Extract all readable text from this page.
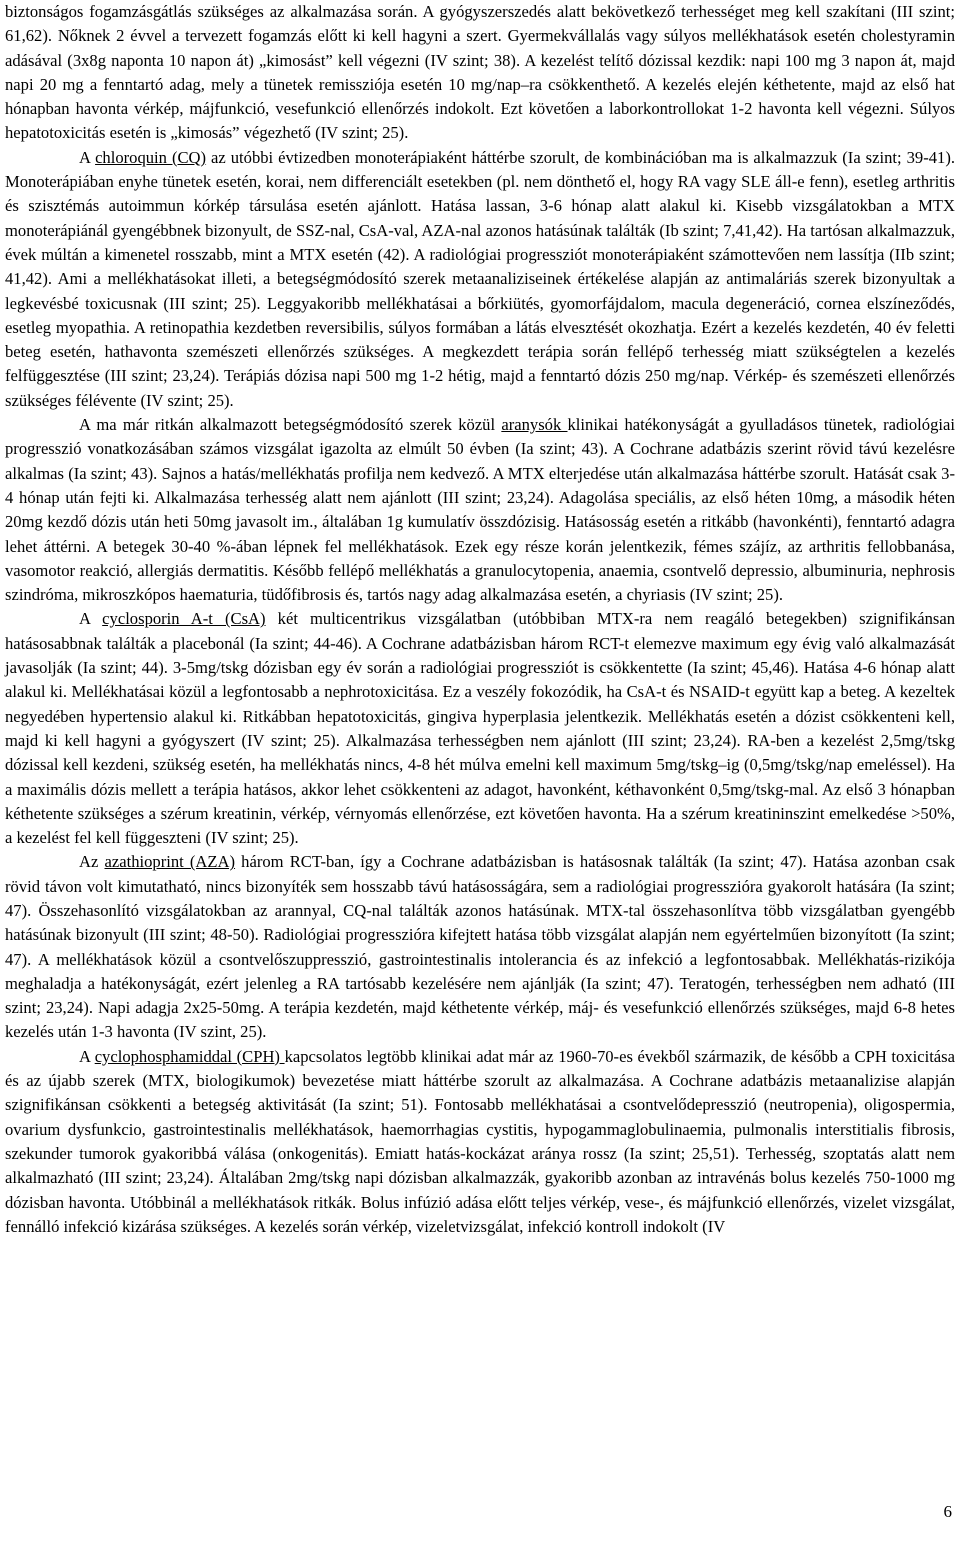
biztonságos fogamzásgátlás szükséges az alkalmazása során. A gyógyszerszedés alatt bekövetkező terhességet meg kell szakítani (III szint; 61,62). Nőknek 2 évvel a tervezett fogamzás előtt ki kell hagyni a szert. Gyermekvállalás vagy súlyos mellékhatások esetén cholestyramin adásával (3x8g naponta 10 napon át) „kimosást” kell végezni (IV szint; 38). A kezelést telítő dózissal kezdik: napi 100 mg 3 napon át, majd napi 20 mg a fenntartó adag, mely a tünetek remissziója esetén 10 mg/nap–ra csökkenthető. A kezelés elején kéthetente, majd az első hat hónapban havonta vérkép, májfunkció, vesefunkció ellenőrzés indokolt. Ezt követően a laborkontrollokat 1-2 havonta kell végezni. Súlyos hepatotoxicitás esetén is „kimosás” végezhető (IV szint; 25).

A chloroquin (CQ) az utóbbi évtizedben monoterápiaként háttérbe szorult, de kombinációban ma is alkalmazzuk (Ia szint; 39-41). Monoterápiában enyhe tünetek esetén, korai, nem differenciált esetekben (pl. nem dönthető el, hogy RA vagy SLE áll-e fenn), esetleg arthritis és szisztémás autoimmun kórkép társulása esetén ajánlott. Hatása lassan, 3-6 hónap alatt alakul ki. Kisebb vizsgálatokban a MTX monoterápiánál gyengébbnek bizonyult, de SSZ-nal, CsA-val, AZA-nal azonos hatásúnak találták (Ib szint; 7,41,42). Ha tartósan alkalmazzuk, évek múltán a kimenetel rosszabb, mint a MTX esetén (42). A radiológiai progressziót monoterápiaként számottevően nem lassítja (IIb szint; 41,42). Ami a mellékhatásokat illeti, a betegségmódosító szerek metaanaliziseinek értékelése alapján az antimaláriás szerek bizonyultak a legkevésbé toxicusnak (III szint; 25). Leggyakoribb mellékhatásai a bőrkiütés, gyomorfájdalom, macula degeneráció, cornea elszíneződés, esetleg myopathia. A retinopathia kezdetben reversibilis, súlyos formában a látás elvesztését okozhatja. Ezért a kezelés kezdetén, 40 év feletti beteg esetén, hathavonta szemészeti ellenőrzés szükséges. A megkezdett terápia során fellépő terhesség miatt szükségtelen a kezelés felfüggesztése (III szint; 23,24). Terápiás dózisa napi 500 mg 1-2 hétig, majd a fenntartó dózis 250 mg/nap. Vérkép- és szemészeti ellenőrzés szükséges félévente (IV szint; 25).

A ma már ritkán alkalmazott betegségmódosító szerek közül aranysók klinikai hatékonyságát a gyulladásos tünetek, radiológiai progresszió vonatkozásában számos vizsgálat igazolta az elmúlt 50 évben (Ia szint; 43). A Cochrane adatbázis szerint rövid távú kezelésre alkalmas (Ia szint; 43). Sajnos a hatás/mellékhatás profilja nem kedvező. A MTX elterjedése után alkalmazása háttérbe szorult. Hatását csak 3-4 hónap után fejti ki. Alkalmazása terhesség alatt nem ajánlott (III szint; 23,24). Adagolása speciális, az első héten 10mg, a második héten 20mg kezdő dózis után heti 50mg javasolt im., általában 1g kumulatív összdózisig. Hatásosság esetén a ritkább (havonkénti), fenntartó adagra lehet áttérni. A betegek 30-40 %-ában lépnek fel mellékhatások. Ezek egy része korán jelentkezik, fémes szájíz, az arthritis fellobbanása, vasomotor reakció, allergiás dermatitis. Később fellépő mellékhatás a granulocytopenia, anaemia, csontvelő depressio, albuminuria, nephrosis szindróma, mikroszkópos haematuria, tüdőfibrosis és, tartós nagy adag alkalmazása esetén, a chyriasis (IV szint; 25).

A cyclosporin A-t (CsA) két multicentrikus vizsgálatban (utóbbiban MTX-ra nem reagáló betegekben) szignifikánsan hatásosabbnak találták a placebonál (Ia szint; 44-46). A Cochrane adatbázisban három RCT-t elemezve maximum egy évig való alkalmazását javasolják (Ia szint; 44). 3-5mg/tskg dózisban egy év során a radiológiai progressziót is csökkentette (Ia szint; 45,46). Hatása 4-6 hónap alatt alakul ki. Mellékhatásai közül a legfontosabb a nephrotoxicitása. Ez a veszély fokozódik, ha CsA-t és NSAID-t együtt kap a beteg. A kezeltek negyedében hypertensio alakul ki. Ritkábban hepatotoxicitás, gingiva hyperplasia jelentkezik. Mellékhatás esetén a dózist csökkenteni kell, majd ki kell hagyni a gyógyszert (IV szint; 25). Alkalmazása terhességben nem ajánlott (III szint; 23,24). RA-ben a kezelést 2,5mg/tskg dózissal kell kezdeni, szükség esetén, ha mellékhatás nincs, 4-8 hét múlva emelni kell maximum 5mg/tskg–ig (0,5mg/tskg/nap emeléssel). Ha a maximális dózis mellett a terápia hatásos, akkor lehet csökkenteni az adagot, havonként, kéthavonként 0,5mg/tskg-mal. Az első 3 hónapban kéthetente szükséges a szérum kreatinin, vérkép, vérnyomás ellenőrzése, ezt követően havonta. Ha a szérum kreatininszint emelkedése >50%, a kezelést fel kell függeszteni (IV szint; 25).

Az azathioprint (AZA) három RCT-ban, így a Cochrane adatbázisban is hatásosnak találták (Ia szint; 47). Hatása azonban csak rövid távon volt kimutatható, nincs bizonyíték sem hosszabb távú hatásosságára, sem a radiológiai progresszióra gyakorolt hatására (Ia szint; 47). Összehasonlító vizsgálatokban az arannyal, CQ-nal találták azonos hatásúnak. MTX-tal összehasonlítva több vizsgálatban gyengébb hatásúnak bizonyult (III szint; 48-50). Radiológiai progresszióra kifejtett hatása több vizsgálat alapján nem egyértelműen bizonyított (Ia szint; 47). A mellékhatások közül a csontvelőszuppresszió, gastrointestinalis intolerancia és az infekció a legfontosabbak. Mellékhatás-rizikója meghaladja a hatékonyságát, ezért jelenleg a RA tartósabb kezelésére nem ajánlják (Ia szint; 47). Teratogén, terhességben nem adható (III szint; 23,24). Napi adagja 2x25-50mg. A terápia kezdetén, majd kéthetente vérkép, máj- és vesefunkció ellenőrzés szükséges, majd 6-8 hetes kezelés után 1-3 havonta (IV szint, 25).

A cyclophosphamiddal (CPH) kapcsolatos legtöbb klinikai adat már az 1960-70-es évekből származik, de később a CPH toxicitása és az újabb szerek (MTX, biologikumok) bevezetése miatt háttérbe szorult az alkalmazása. A Cochrane adatbázis metaanalizise alapján szignifikánsan csökkenti a betegség aktivitását (Ia szint; 51). Fontosabb mellékhatásai a csontvelődepresszió (neutropenia), oligospermia, ovarium dysfunkcio, gastrointestinalis mellékhatások, haemorrhagias cystitis, hypogammaglobulinaemia, pulmonalis interstitialis fibrosis, szekunder tumorok gyakoribbá válása (onkogenitás). Emiatt hatás-kockázat aránya rossz (Ia szint; 25,51). Terhesség, szoptatás alatt nem alkalmazható (III szint; 23,24). Általában 2mg/tskg napi dózisban alkalmazzák, gyakoribb azonban az intravénás bolus kezelés 750-1000 mg dózisban havonta. Utóbbinál a mellékhatások ritkák. Bolus infúzió adása előtt teljes vérkép, vese-, és májfunkció ellenőrzés, vizelet vizsgálat, fennálló infekció kizárása szükséges. A kezelés során vérkép, vizeletvizsgálat, infekció kontroll indokolt (IV

6
